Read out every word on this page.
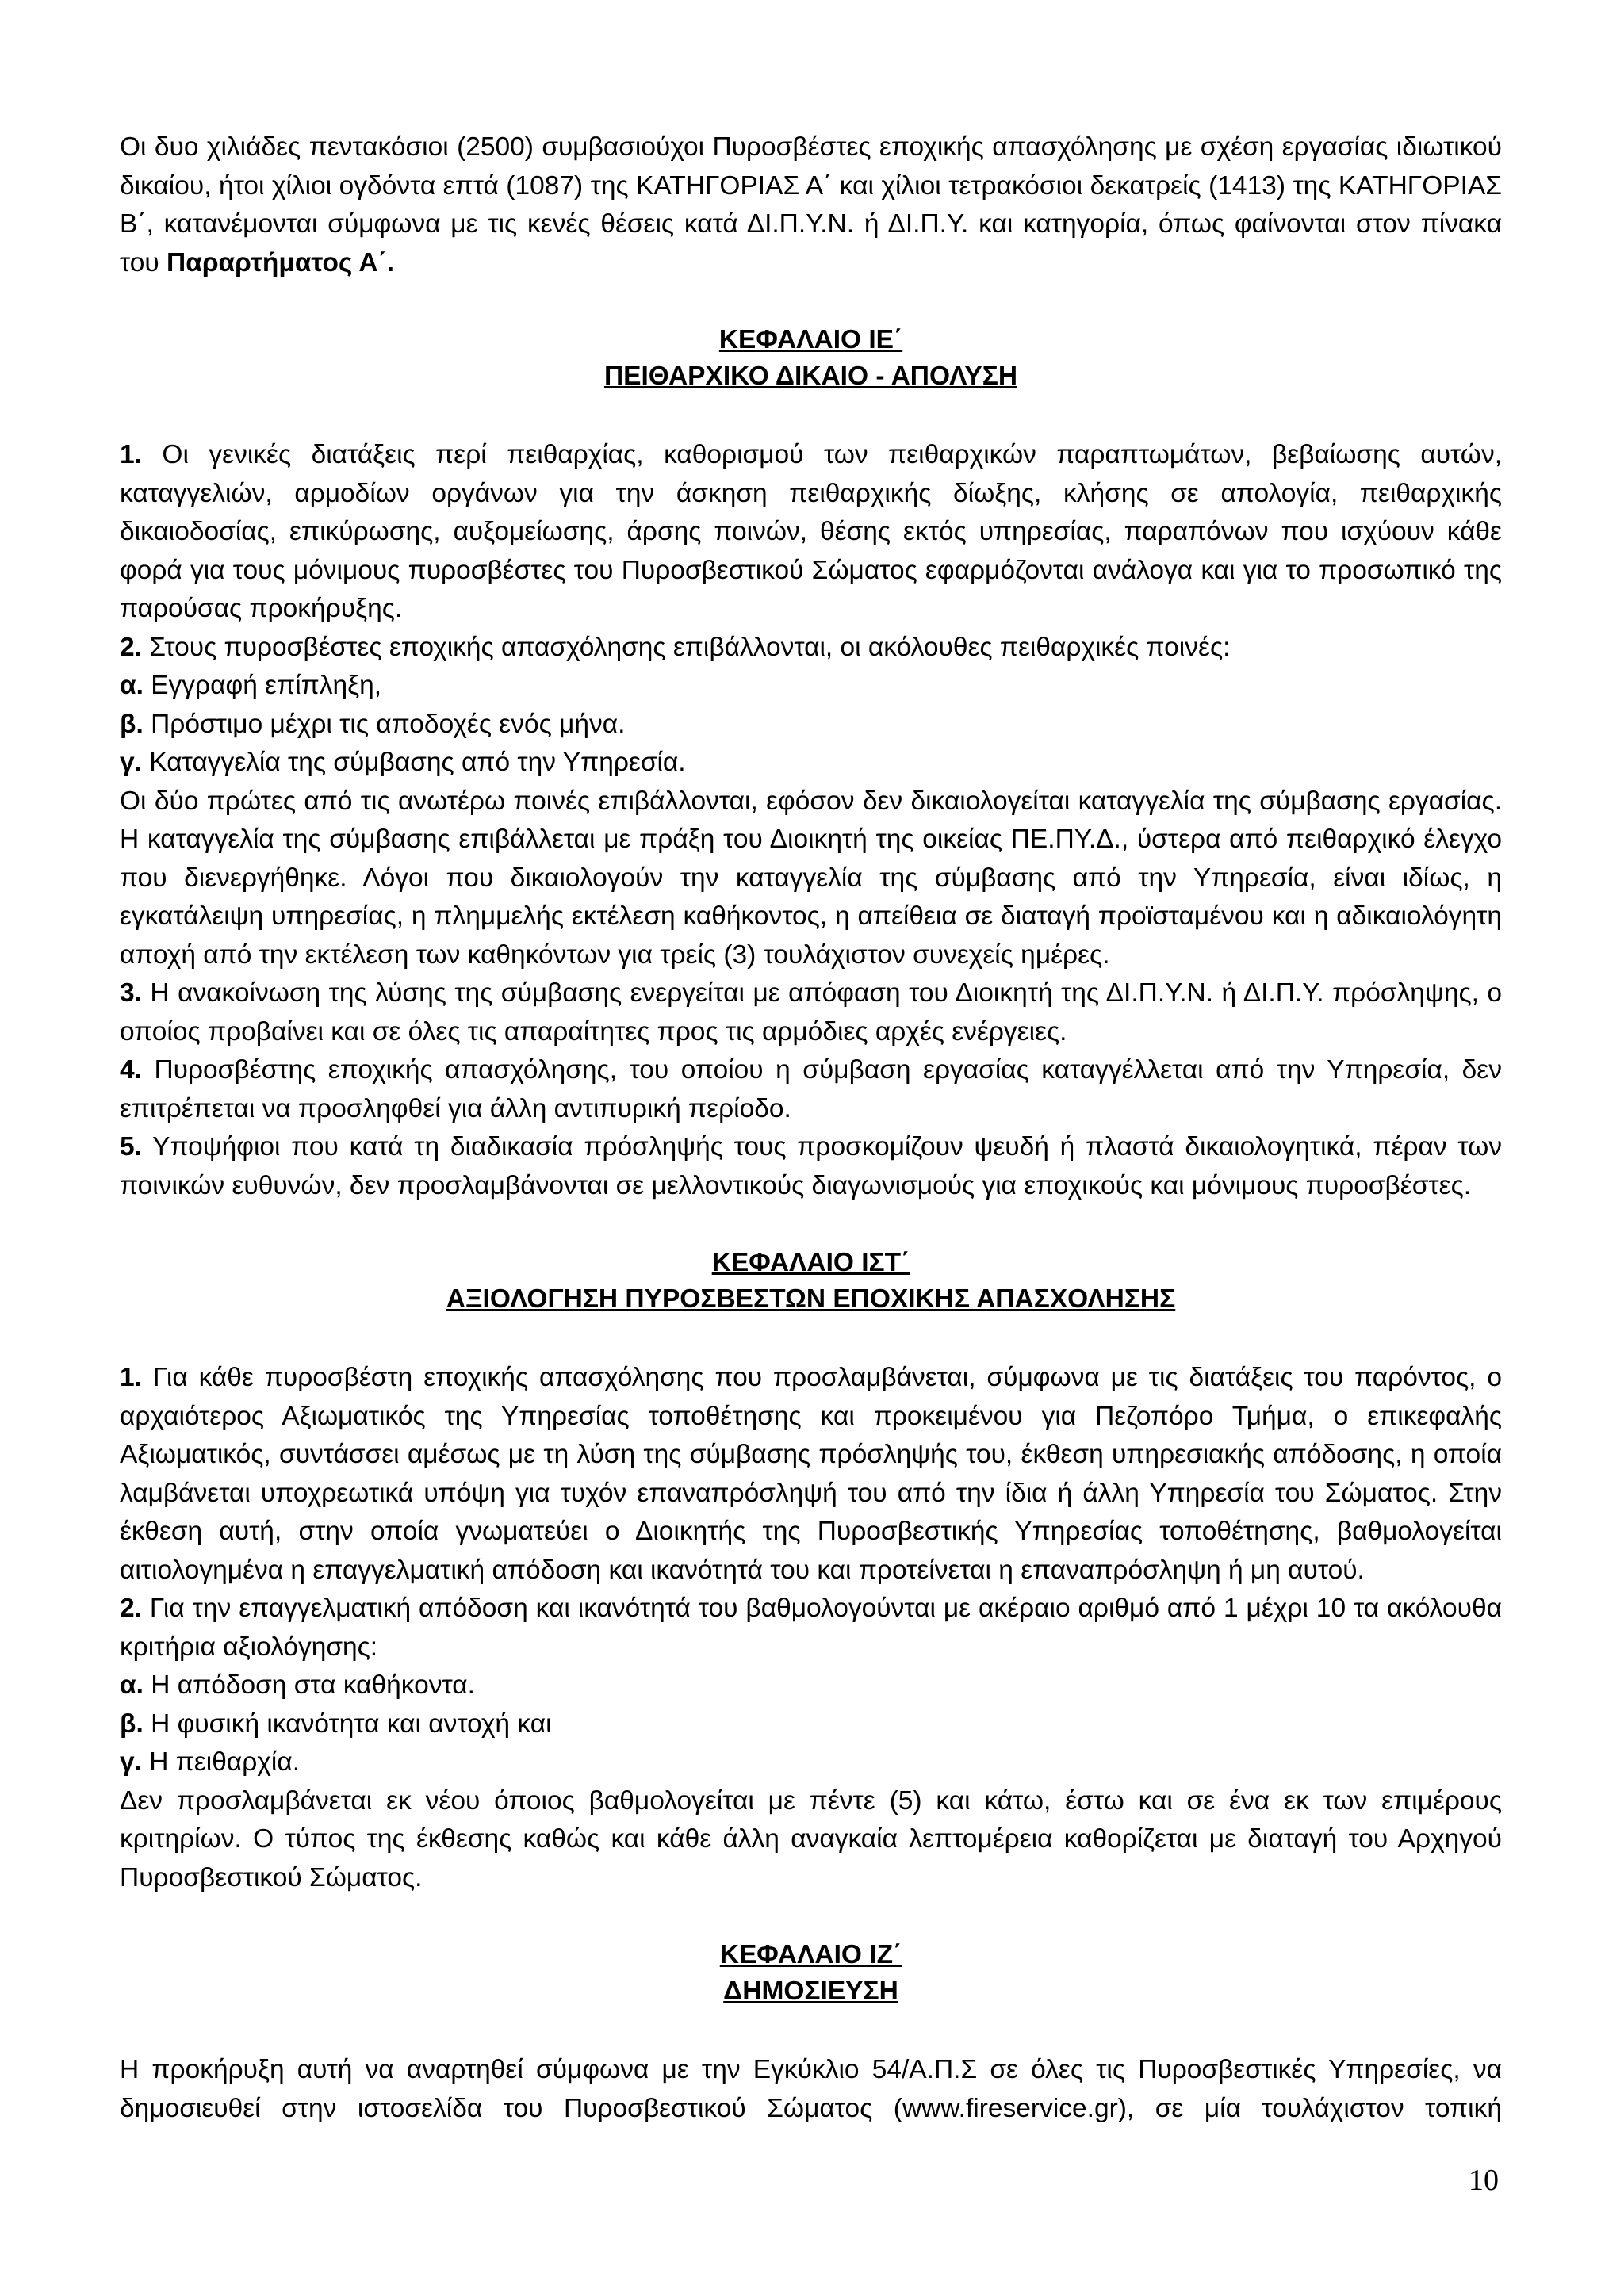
Οι δυο χιλιάδες πεντακόσιοι (2500) συμβασιούχοι Πυροσβέστες εποχικής απασχόλησης με σχέση εργασίας ιδιωτικού δικαίου, ήτοι χίλιοι ογδόντα επτά (1087) της ΚΑΤΗΓΟΡΙΑΣ Α΄ και χίλιοι τετρακόσιοι δεκατρείς (1413) της ΚΑΤΗΓΟΡΙΑΣ Β΄, κατανέμονται σύμφωνα με τις κενές θέσεις κατά ΔΙ.Π.Υ.Ν. ή ΔΙ.Π.Υ. και κατηγορία, όπως φαίνονται στον πίνακα του Παραρτήματος Α΄.

ΚΕΦΑΛΑΙΟ ΙΕ΄

ΠΕΙΘΑΡΧΙΚΟ ΔΙΚΑΙΟ - ΑΠΟΛΥΣΗ

1. Οι γενικές διατάξεις περί πειθαρχίας, καθορισμού των πειθαρχικών παραπτωμάτων, βεβαίωσης αυτών, καταγγελιών, αρμοδίων οργάνων για την άσκηση πειθαρχικής δίωξης, κλήσης σε απολογία, πειθαρχικής δικαιοδοσίας, επικύρωσης, αυξομείωσης, άρσης ποινών, θέσης εκτός υπηρεσίας, παραπόνων που ισχύουν κάθε φορά για τους μόνιμους πυροσβέστες του Πυροσβεστικού Σώματος εφαρμόζονται ανάλογα και για το προσωπικό της παρούσας προκήρυξης.

2. Στους πυροσβέστες εποχικής απασχόλησης επιβάλλονται, οι ακόλουθες πειθαρχικές ποινές:

α. Εγγραφή επίπληξη,

β. Πρόστιμο μέχρι τις αποδοχές ενός μήνα.

γ. Καταγγελία της σύμβασης από την Υπηρεσία.

Οι δύο πρώτες από τις ανωτέρω ποινές επιβάλλονται, εφόσον δεν δικαιολογείται καταγγελία της σύμβασης εργασίας. Η καταγγελία της σύμβασης επιβάλλεται με πράξη του Διοικητή της οικείας ΠΕ.ΠΥ.Δ., ύστερα από πειθαρχικό έλεγχο που διενεργήθηκε. Λόγοι που δικαιολογούν την καταγγελία της σύμβασης από την Υπηρεσία, είναι ιδίως, η εγκατάλειψη υπηρεσίας, η πλημμελής εκτέλεση καθήκοντος, η απείθεια σε διαταγή προϊσταμένου και η αδικαιολόγητη αποχή από την εκτέλεση των καθηκόντων για τρείς (3) τουλάχιστον συνεχείς ημέρες.

3. Η ανακοίνωση της λύσης της σύμβασης ενεργείται με απόφαση του Διοικητή της ΔΙ.Π.Υ.Ν. ή ΔΙ.Π.Υ. πρόσληψης, ο οποίος προβαίνει και σε όλες τις απαραίτητες προς τις αρμόδιες αρχές ενέργειες.

4. Πυροσβέστης εποχικής απασχόλησης, του οποίου η σύμβαση εργασίας καταγγέλλεται από την Υπηρεσία, δεν επιτρέπεται να προσληφθεί για άλλη αντιπυρική περίοδο.

5. Υποψήφιοι που κατά τη διαδικασία πρόσληψής τους προσκομίζουν ψευδή ή πλαστά δικαιολογητικά, πέραν των ποινικών ευθυνών, δεν προσλαμβάνονται σε μελλοντικούς διαγωνισμούς για εποχικούς και μόνιμους πυροσβέστες.

ΚΕΦΑΛΑΙΟ ΙΣΤ΄

ΑΞΙΟΛΟΓΗΣΗ ΠΥΡΟΣΒΕΣΤΩΝ ΕΠΟΧΙΚΗΣ ΑΠΑΣΧΟΛΗΣΗΣ

1. Για κάθε πυροσβέστη εποχικής απασχόλησης που προσλαμβάνεται, σύμφωνα με τις διατάξεις του παρόντος, ο αρχαιότερος Αξιωματικός της Υπηρεσίας τοποθέτησης και προκειμένου για Πεζοπόρο Τμήμα, ο επικεφαλής Αξιωματικός, συντάσσει αμέσως με τη λύση της σύμβασης πρόσληψής του, έκθεση υπηρεσιακής απόδοσης, η οποία λαμβάνεται υποχρεωτικά υπόψη για τυχόν επαναπρόσληψή του από την ίδια ή άλλη Υπηρεσία του Σώματος. Στην έκθεση αυτή, στην οποία γνωματεύει ο Διοικητής της Πυροσβεστικής Υπηρεσίας τοποθέτησης, βαθμολογείται αιτιολογημένα η επαγγελματική απόδοση και ικανότητά του και προτείνεται η επαναπρόσληψη ή μη αυτού.

2. Για την επαγγελματική απόδοση και ικανότητά του βαθμολογούνται με ακέραιο αριθμό από 1 μέχρι 10 τα ακόλουθα κριτήρια αξιολόγησης:

α. Η απόδοση στα καθήκοντα.

β. Η φυσική ικανότητα και αντοχή και

γ. Η πειθαρχία.

Δεν προσλαμβάνεται εκ νέου όποιος βαθμολογείται με πέντε (5) και κάτω, έστω και σε ένα εκ των επιμέρους κριτηρίων. Ο τύπος της έκθεσης καθώς και κάθε άλλη αναγκαία λεπτομέρεια καθορίζεται με διαταγή του Αρχηγού Πυροσβεστικού Σώματος.

ΚΕΦΑΛΑΙΟ ΙΖ΄

ΔΗΜΟΣΙΕΥΣΗ

Η προκήρυξη αυτή να αναρτηθεί σύμφωνα με την Εγκύκλιο 54/Α.Π.Σ σε όλες τις Πυροσβεστικές Υπηρεσίες, να δημοσιευθεί στην ιστοσελίδα του Πυροσβεστικού Σώματος (www.fireservice.gr), σε μία τουλάχιστον τοπική

10
